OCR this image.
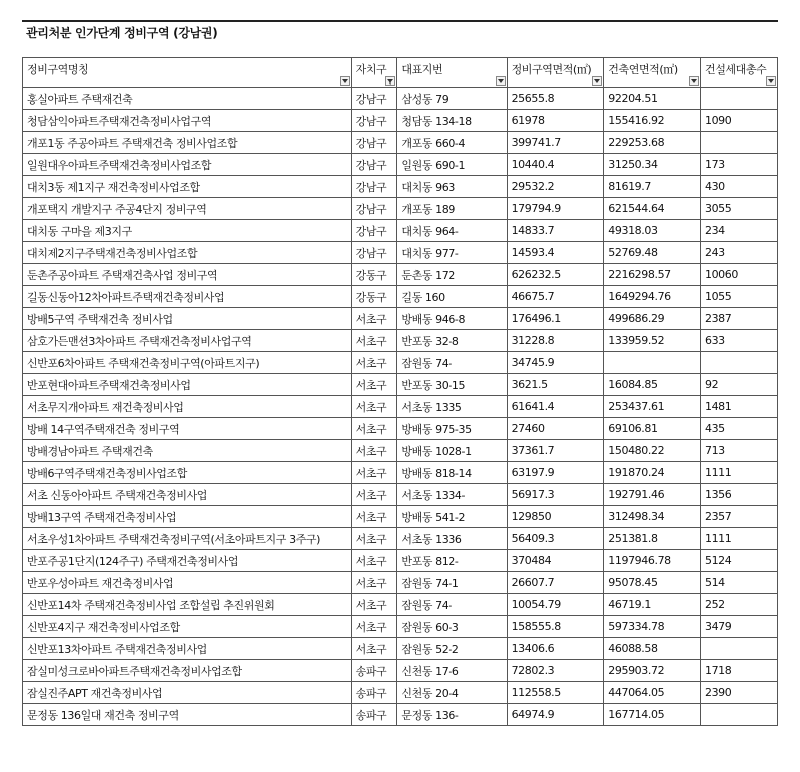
관리처분 인가단계 정비구역 (강남권)
정비구역명칭	자치구	대표지번	정비구역면적(㎡)	건축연면적(㎡)	건설세대총수

홍실아파트 주택재건축	강남구	삼성동 79	25655.8	92204.51	
청담삼익아파트주택재건축정비사업구역	강남구	청담동 134-18	61978	155416.92	1090
개포1동 주공아파트 주택재건축 정비사업조합	강남구	개포동 660-4	399741.7	229253.68	
일원대우아파트주택재건축정비사업조합	강남구	일원동 690-1	10440.4	31250.34	173
대치3동 제1지구 재건축정비사업조합	강남구	대치동 963	29532.2	81619.7	430
개포택지 개발지구 주공4단지 정비구역	강남구	개포동 189	179794.9	621544.64	3055
대치동 구마을 제3지구	강남구	대치동 964-	14833.7	49318.03	234
대치제2지구주택재건축정비사업조합	강남구	대치동 977-	14593.4	52769.48	243
둔촌주공아파트 주택재건축사업 정비구역	강동구	둔촌동 172	626232.5	2216298.57	10060
길동신동아12차아파트주택재건축정비사업	강동구	길동 160	46675.7	1649294.76	1055
방배5구역 주택재건축 정비사업	서초구	방배동 946-8	176496.1	499686.29	2387
삼호가든맨션3차아파트 주택재건축정비사업구역	서초구	반포동 32-8	31228.8	133959.52	633
신반포6차아파트 주택재건축정비구역(아파트지구)	서초구	잠원동 74-	34745.9		
반포현대아파트주택재건축정비사업	서초구	반포동 30-15	3621.5	16084.85	92
서초무지개아파트 재건축정비사업	서초구	서초동 1335	61641.4	253437.61	1481
방배 14구역주택재건축 정비구역	서초구	방배동 975-35	27460	69106.81	435
방배경남아파트 주택재건축	서초구	방배동 1028-1	37361.7	150480.22	713
방배6구역주택재건축정비사업조합	서초구	방배동 818-14	63197.9	191870.24	1111
서초 신동아아파트 주택재건축정비사업	서초구	서초동 1334-	56917.3	192791.46	1356
방배13구역 주택재건축정비사업	서초구	방배동 541-2	129850	312498.34	2357
서초우성1차아파트 주택재건축정비구역(서초아파트지구 3주구)	서초구	서초동 1336	56409.3	251381.8	1111
반포주공1단지(124주구) 주택재건축정비사업	서초구	반포동 812-	370484	1197946.78	5124
반포우성아파트 재건축정비사업	서초구	잠원동 74-1	26607.7	95078.45	514
신반포14차 주택재건축정비사업 조합설립 추진위원회	서초구	잠원동 74-	10054.79	46719.1	252
신반포4지구 재건축정비사업조합	서초구	잠원동 60-3	158555.8	597334.78	3479
신반포13차아파트 주택재건축정비사업	서초구	잠원동 52-2	13406.6	46088.58	
잠실미성크로바아파트주택재건축정비사업조합	송파구	신천동 17-6	72802.3	295903.72	1718
잠실진주APT 재건축정비사업	송파구	신천동 20-4	112558.5	447064.05	2390
문정동 136일대 재건축 정비구역	송파구	문정동 136-	64974.9	167714.05	
